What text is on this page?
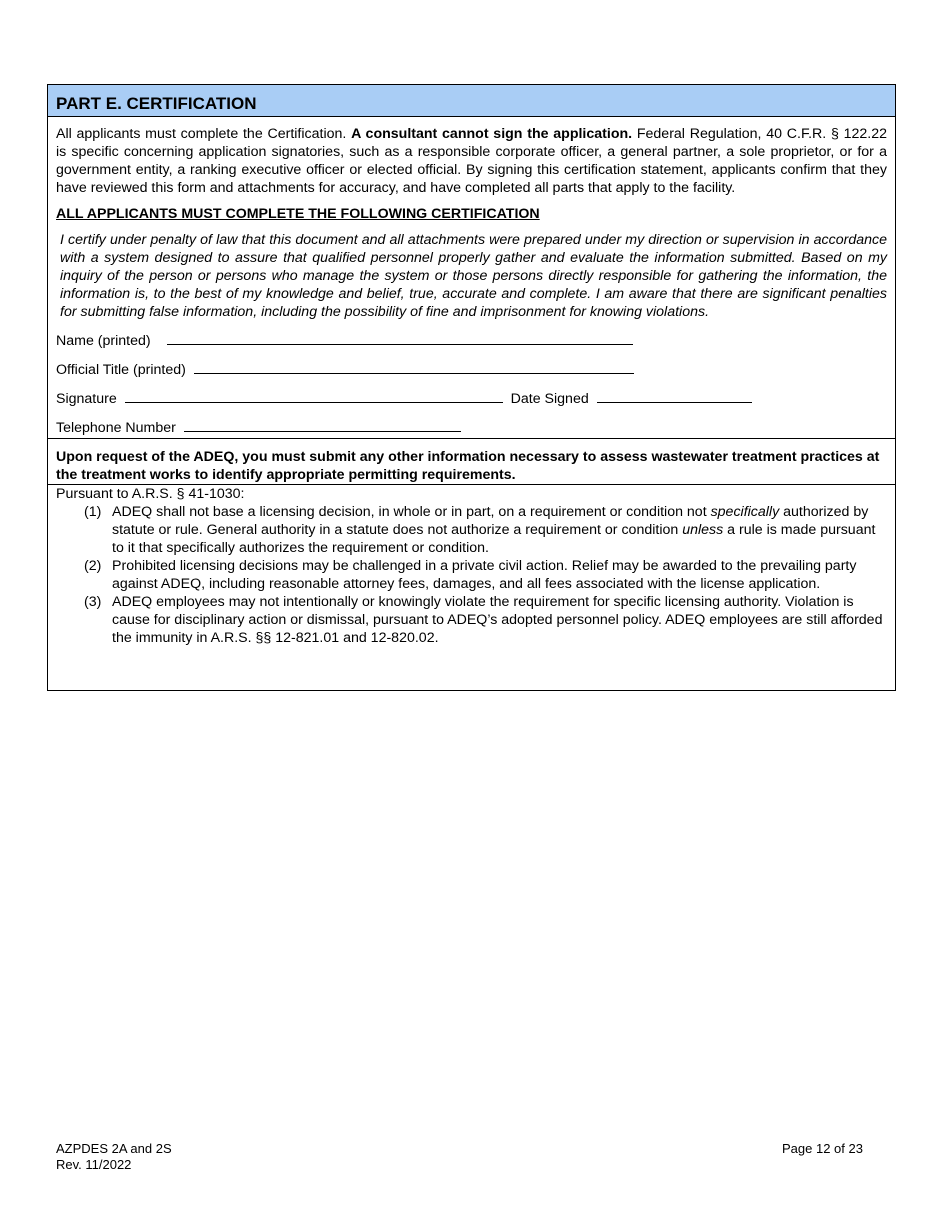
PART E. CERTIFICATION

All applicants must complete the Certification. A consultant cannot sign the application. Federal Regulation, 40 C.F.R. § 122.22 is specific concerning application signatories, such as a responsible corporate officer, a general partner, a sole proprietor, or for a government entity, a ranking executive officer or elected official. By signing this certification statement, applicants confirm that they have reviewed this form and attachments for accuracy, and have completed all parts that apply to the facility.

ALL APPLICANTS MUST COMPLETE THE FOLLOWING CERTIFICATION

I certify under penalty of law that this document and all attachments were prepared under my direction or supervision in accordance with a system designed to assure that qualified personnel properly gather and evaluate the information submitted. Based on my inquiry of the person or persons who manage the system or those persons directly responsible for gathering the information, the information is, to the best of my knowledge and belief, true, accurate and complete. I am aware that there are significant penalties for submitting false information, including the possibility of fine and imprisonment for knowing violations.

Name (printed)

Official Title (printed)

Signature	Date Signed

Telephone Number

Upon request of the ADEQ, you must submit any other information necessary to assess wastewater treatment practices at the treatment works to identify appropriate permitting requirements.

Pursuant to A.R.S. § 41-1030:

(1) ADEQ shall not base a licensing decision, in whole or in part, on a requirement or condition not specifically authorized by statute or rule. General authority in a statute does not authorize a requirement or condition unless a rule is made pursuant to it that specifically authorizes the requirement or condition.
(2) Prohibited licensing decisions may be challenged in a private civil action. Relief may be awarded to the prevailing party against ADEQ, including reasonable attorney fees, damages, and all fees associated with the license application.
(3) ADEQ employees may not intentionally or knowingly violate the requirement for specific licensing authority. Violation is cause for disciplinary action or dismissal, pursuant to ADEQ’s adopted personnel policy. ADEQ employees are still afforded the immunity in A.R.S. §§ 12-821.01 and 12-820.02.
AZPDES 2A and 2S
Rev. 11/2022
Page 12 of 23
